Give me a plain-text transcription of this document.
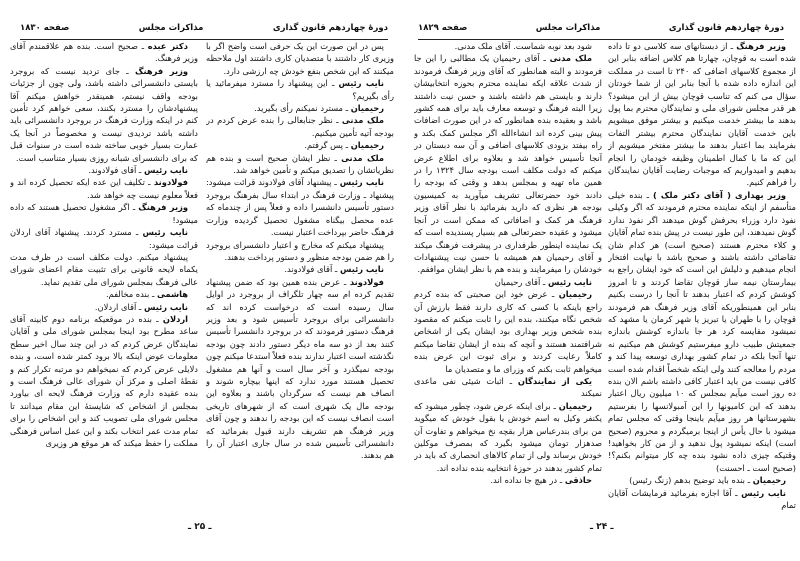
دورهٔ چهاردهم قانون گذاری
مذاکرات مجلس
صفحه ۱۸۳۰

پس در این صورت این یک حرفی است واضح اگر با وزیری کار داشتند با متصدیان کاری داشتند اول ملاحظه میکنند که این شخص بنفع خودش چه ارزشی دارد.

نایب رئیس ـ این پیشنهاد را مسترد میفرمائید یا رأی بگیریم؟

رحیمیان ـ مسترد نمیکنم رأی بگیرید.

ملک مدنی ـ نظر جنابعالی را بنده عرض کردم در بودجه آتیه تأمین میکنیم.

رحیمیان ـ پس گرفتم.

ملک مدنی ـ نظر ایشان صحیح است و بنده هم نظریاتشان را تصدیق میکنم و تأمین خواهد شد.

نایب رئیس ـ پیشنهاد آقای فولادوند قرائت میشود: پیشنهاد ـ وزارت فرهنگ در ابتداء سال بفرهنگ بروجرد دستور تأسیس دانشسرا داده و فعلاً پس از چندماه که عده محصل بیگناه مشغول تحصیل گردیده وزارت فرهنگ حاضر بپرداخت اعتبار نیست.

پیشنهاد میکنم که مخارج و اعتبار دانشسرای بروجرد را هم ضمن بودجه منظور و دستور پرداخت بدهند.

نایب رئیس ـ آقای فولادوند.

فولادوند ـ عرض بنده همین بود که ضمن پیشنهاد تقدیم کرده ام سه چهار تلگراف از بروجرد در اوایل سال رسیده است که درخواست کرده اند که دانشسرائی برای بروجرد تأسیس شود و بعد وزیر فرهنگ دستور فرمودند که در بروجرد دانشسرا تأسیس کنند بعد از دو سه ماه دیگر دستور دادند چون بودجه نگذشته است اعتبار ندارند بنده فعلاً استدعا میکنم چون بودجه نمیگذرد و آخر سال است و آنها هم مشغول تحصیل هستند مورد ندارد که اینها بیچاره شوند و انصاف هم نیست که سرگردان باشند و بعلاوه این بودجه مال یک شهری است که از شهرهای تاریخی است انصاف نیست که این بودجه را ندهند و چون آقای وزیر فرهنگ هم تشریف دارند قبول بفرمائید که دانشسرائی تأسیس شده در سال جاری اعتبار آن را هم بدهند.

دکتر عبده ـ صحیح است. بنده هم علاقمندم آقای وزیر فرهنگ.

وزیر فرهنگ ـ جای تردید نیست که بروجرد بایستی دانشسرائی داشته باشد، ولی چون از جزئیات بودجه واقف نیستم، همینقدر خواهش میکنم آقا پیشنهادشان را مسترد بکنند، سعی خواهم کرد تأمین کنم در اینکه وزارت فرهنگ در بروجرد دانشسرائی باید داشته باشد تردیدی نیست و مخصوصاً در آنجا یک عمارت بسیار خوبی ساخته شده است در سنوات قبل که برای دانشسرای شبانه روزی بسیار متناسب است.

نایب رئیس ـ آقای فولادوند.

فولادوند ـ تکلیف این عده ایکه تحصیل کرده اند و فعلاً معلوم نیست چه خواهد شد.

وزیر فرهنگ ـ اگر مشغول تحصیل هستند که داده میشود!

نایب رئیس ـ مسترد کردند. پیشنهاد آقای اردلان قرائت میشود:

پیشنهاد میکنم. دولت مکلف است در ظرف مدت یکماه لایحه قانونی برای تثبیت مقام اعضای شورای عالی فرهنگ بمجلس شورای ملی تقدیم نماید.

هاشمی ـ بنده مخالفم.

نایب رئیس ـ آقای اردلان.

اردلان ـ بنده در موقعیکه برنامه دوم کابینه آقای ساعد مطرح بود اینجا بمجلس شورای ملی و آقایان نمایندگان عرض کردم که در این چند سال اخیر سطح معلومات عوض اینکه بالا برود کمتر شده است، و بنده دلایلی عرض کردم که نمیخواهم دو مرتبه تکرار کنم و نقطهٔ اصلی و مرکز آن شورای عالی فرهنگ است و بنده عقیده دارم که وزارت فرهنگ لایحه ای بیاورد بمجلس از اشخاص که شایستهٔ این مقام میدانند تا مجلس شورای ملی تصویب کند و این اشخاص را برای تمام مدت عمر انتخاب بکند و این عمل اساس فرهنگی مملکت را حفظ میکند که هر موقع هر وزیری

ـ ۲۵ ـ
دورهٔ چهاردهم قانون گذاری
مذاکرات مجلس
صفحه ۱۸۲۹

وزیر فرهنگ ـ از دبستانهای سه کلاسی دو تا داده شده است به قوچان، چهارتا هم کلاس اضافه بنابر این از مجموع کلاسهای اضافی که ۲۴۰ تا است در مملکت این اندازه داده شده با آنجا بنابر این از شما خودتان سؤال می کنم که تناسب قوچان بیش از این میشود؟ هر قدر مجلس شورای ملی و نمایندگان محترم بما پول بدهند ما بیشتر خدمت میکنیم و بیشتر موفق میشویم باین خدمت آقایان نمایندگان محترم بیشتر التفات بفرمایند بما اعتبار بدهند ما بیشتر مفتخر میشویم از این که ما با کمال اطمینان وظیفه خودمان را انجام بدهیم و امیدواریم که موجبات رضایت آقایان نمایندگان را فراهم کنیم.

وزیر بهداری ( آقای دکتر ملک ) ـ بنده خیلی متأسفم از اینکه نماینده محترم فرمودند که اگر وکیلی نفوذ دارد وزراء بحرفش گوش میدهند اگر نفوذ ندارد گوش نمیدهند، این طور نیست در پیش بنده تمام آقایان و کلاء محترم هستند (صحیح است) هر کدام شان تقاضائی داشته باشند و صحیح باشد با نهایت افتخار انجام میدهیم و دلیلش این است که خود ایشان راجع به بیمارستان نیمه ساز قوچان تقاضا کردند و تا امروز کوشش کردم که اعتبار بدهند تا آنجا را درست بکنیم بنابر این همینطوریکه آقای وزیر فرهنگ هم فرمودند قوچان را با طهران یا تبریز یا شهر کرمان یا مشهد که نمیشود مقایسه کرد هر جا باندازه کوشش باندازه جمعیتش طبیب دارو میفرستیم کوشش هم میکنیم نه تنها آنجا بلکه در تمام کشور بهداری توسعه پیدا کند و مردم را معالجه کنند ولی اینکه شخصاً اقدام شده است کافی نیست من باید اعتبار کافی داشته باشم الان بنده ده روز است میآیم بمجلس که ۱۰ میلیون ریال اعتبار بدهند که این کامیونها را این آمبولانسها را بفرستیم بشهرستانها هر روز میآیم باینجا وقتی که مجلس تمام میشود با حال یأس از اینجا برمیگردم و محروم (صحیح است) اینکه نمیشود پول ندهید و از من کار بخواهید! وقتیکه چیزی داده نشود بنده چه کار میتوانم بکنم؟! (صحیح است ـ احسنت)

رحیمیان ـ بنده باید توضیح بدهم (زنگ رئیس)

نایب رئیس ـ آقا اجازه بفرمائید فرمایشات آقایان تمام

شود بعد نوبه شماست. آقای ملک مدنی.

ملک مدنی ـ آقای رحیمیان یک مطالبی را این جا فرمودند و البته همانطور که آقای وزیر فرهنگ فرمودند از شدت علاقه ایکه نماینده محترم بحوزه انتخابیشان دارند و بایستی هم داشته باشند و حسن نیت داشتند زیرا البته فرهنگ و توسعه معارف باید برای همه کشور باشد و بعقیده بنده همانطور که در این صورت اضافات پیش بینی کرده اند انشاءالله اگر مجلس کمک بکند و راه بیفتد بزودی کلاسهای اضافی و آن سه دبستان در آنجا تأسیس خواهد شد و بعلاوه برای اطلاع عرض میکنم که دولت مکلف است بودجه سال ۱۳۲۴ را در همین ماه تهیه و بمجلس بدهد و وقتی که بودجه را دادند خود حضرتعالی تشریف میآورید به کمیسیون بودجه هر نظری که دارید بفرمائید با نظر آقای وزیر فرهنگ هر کمک و اضافاتی که ممکن است در آنجا میشود و عقیده حضرتعالی هم بسیار پسندیده است که یک نماینده اینطور طرفداری در پیشرفت فرهنگ میکند و آقای رحیمیان هم همیشه با حسن نیت پیشنهادات خودشان را میفرمایند و بنده هم با نظر ایشان موافقم.

نایب رئیس ـ آقای رحیمیان

رحیمیان ـ عرض خود این صحبتی که بنده کردم راجع باینکه با کسی که کاری دارند فقط بارزش آن شخص نگاه میکنند، بنده این را ثابت میکنم که مقصود بنده شخص وزیر بهداری بود ایشان یکی از اشخاص شرافتمند هستند و آنچه که بنده از ایشان تقاضا میکنم کاملاً رعایت کردند و برای ثبوت این عرض بنده میخواهم ثابت بکنم که وزرای ما و متصدیان ما

یکی از نمایندگان ـ اثبات شیئی نفی ماعدی نمیکند

رحیمیان ـ برای اینکه عرض شود، چطور میشود که یکنفر وکیل به اسم خودش یا بقول خودش که میگوید من برای بندرعباس هزار بقچه نخ میخواهم و تفاوت آن صدهزار تومان میشود بگیرد که بمصرف موکلین خودش برساند ولی از تمام کالاهای انحصاری که باید در تمام کشور بدهند در حوزهٔ انتخابیه بنده نداده اند.

حاذقی ـ در هیچ جا نداده اند.

ـ ۲۴ ـ
